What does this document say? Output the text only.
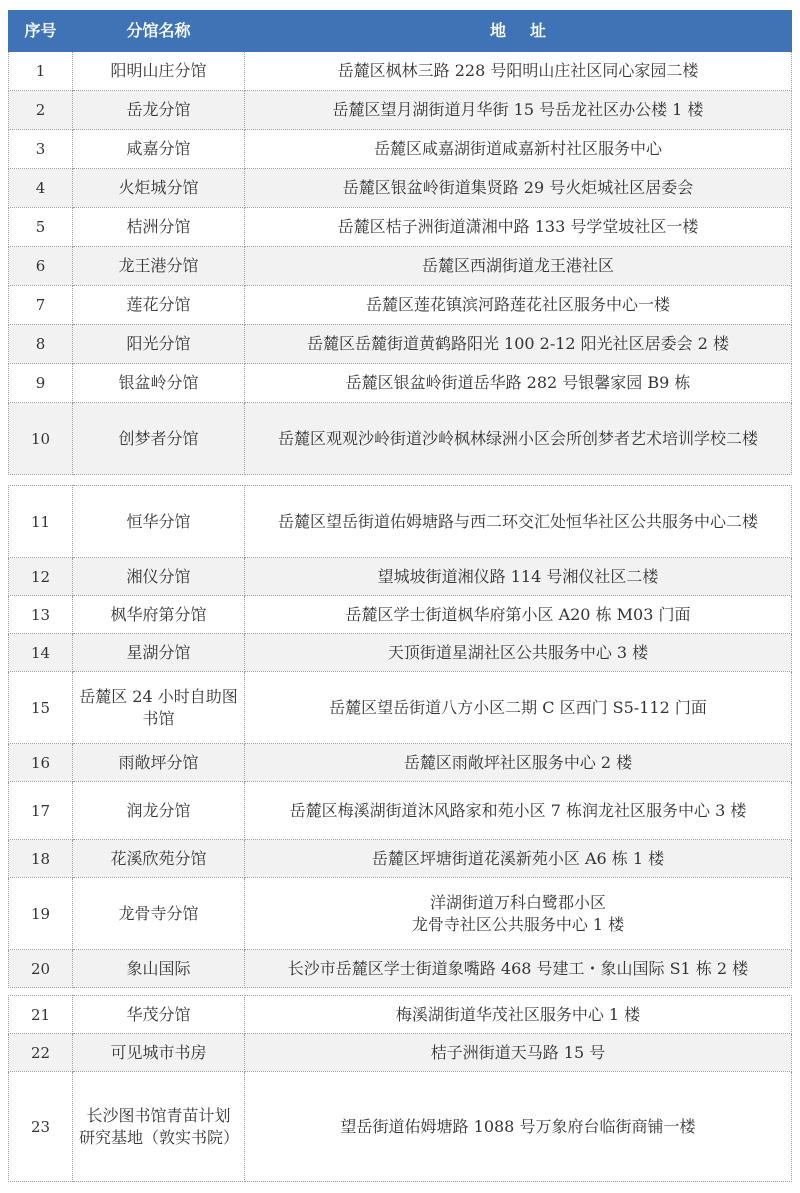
序号	分馆名称	地址
1	阳明山庄分馆	岳麓区枫林三路 228 号阳明山庄社区同心家园二楼
2	岳龙分馆	岳麓区望月湖街道月华街 15 号岳龙社区办公楼 1 楼
3	咸嘉分馆	岳麓区咸嘉湖街道咸嘉新村社区服务中心
4	火炬城分馆	岳麓区银盆岭街道集贤路 29 号火炬城社区居委会
5	桔洲分馆	岳麓区桔子洲街道潇湘中路 133 号学堂坡社区一楼
6	龙王港分馆	岳麓区西湖街道龙王港社区
7	莲花分馆	岳麓区莲花镇滨河路莲花社区服务中心一楼
8	阳光分馆	岳麓区岳麓街道黄鹤路阳光 100 2-12 阳光社区居委会 2 楼
9	银盆岭分馆	岳麓区银盆岭街道岳华路 282 号银馨家园 B9 栋
10	创梦者分馆	岳麓区观观沙岭街道沙岭枫林绿洲小区会所创梦者艺术培训学校二楼
11	恒华分馆	岳麓区望岳街道佑姆塘路与西二环交汇处恒华社区公共服务中心二楼
12	湘仪分馆	望城坡街道湘仪路 114 号湘仪社区二楼
13	枫华府第分馆	岳麓区学士街道枫华府第小区 A20 栋 M03 门面
14	星湖分馆	天顶街道星湖社区公共服务中心 3 楼
15	岳麓区 24 小时自助图书馆	岳麓区望岳街道八方小区二期 C 区西门 S5-112 门面
16	雨敞坪分馆	岳麓区雨敞坪社区服务中心 2 楼
17	润龙分馆	岳麓区梅溪湖街道沐风路家和苑小区 7 栋润龙社区服务中心 3 楼
18	花溪欣苑分馆	岳麓区坪塘街道花溪新苑小区 A6 栋 1 楼
19	龙骨寺分馆	洋湖街道万科白鹭郡小区
龙骨寺社区公共服务中心 1 楼

20	象山国际	长沙市岳麓区学士街道象嘴路 468 号建工・象山国际 S1 栋 2 楼
21	华茂分馆	梅溪湖街道华茂社区服务中心 1 楼
22	可见城市书房	桔子洲街道天马路 15 号
23	长沙图书馆青苗计划研究基地（敦实书院）	望岳街道佑姆塘路 1088 号万象府台临街商铺一楼
